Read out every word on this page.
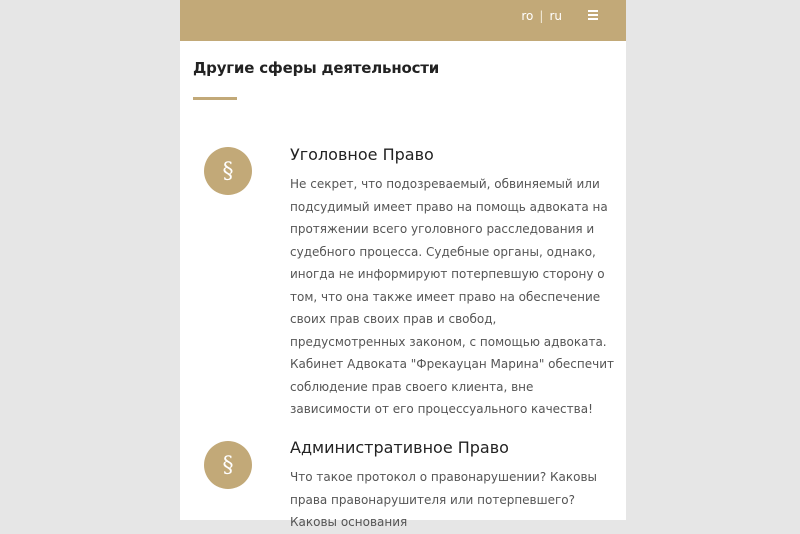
ro | ru
Другие сферы деятельности
§
Уголовное Право

Не секрет, что подозреваемый, обвиняемый или подсудимый имеет право на помощь адвоката на протяжении всего уголовного расследования и судебного процесса. Судебные органы, однако, иногда не информируют потерпевшую сторону о том, что она также имеет право на обеспечение своих прав своих прав и свобод, предусмотренных законом, с помощью адвоката. Кабинет Адвоката "Фрекауцан Марина" обеспечит соблюдение прав своего клиента, вне зависимости от его процессуального качества!

§
Административное Право

Что такое протокол о правонарушении? Каковы права правонарушителя или потерпевшего? Каковы основания
